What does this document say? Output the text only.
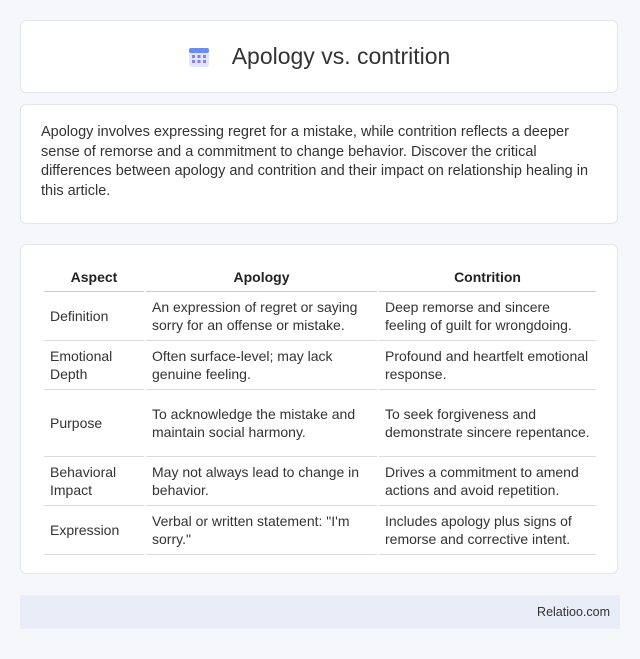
Apology vs. contrition

Apology involves expressing regret for a mistake, while contrition reflects a deeper sense of remorse and a commitment to change behavior. Discover the critical differences between apology and contrition and their impact on relationship healing in this article.

Aspect	Apology	Contrition
Definition	An expression of regret or saying sorry for an offense or mistake.	Deep remorse and sincere feeling of guilt for wrongdoing.
Emotional Depth	Often surface-level; may lack genuine feeling.	Profound and heartfelt emotional response.
Purpose	To acknowledge the mistake and maintain social harmony.	To seek forgiveness and demonstrate sincere repentance.
Behavioral Impact	May not always lead to change in behavior.	Drives a commitment to amend actions and avoid repetition.
Expression	Verbal or written statement: "I'm sorry."	Includes apology plus signs of remorse and corrective intent.
Relatioo.com
